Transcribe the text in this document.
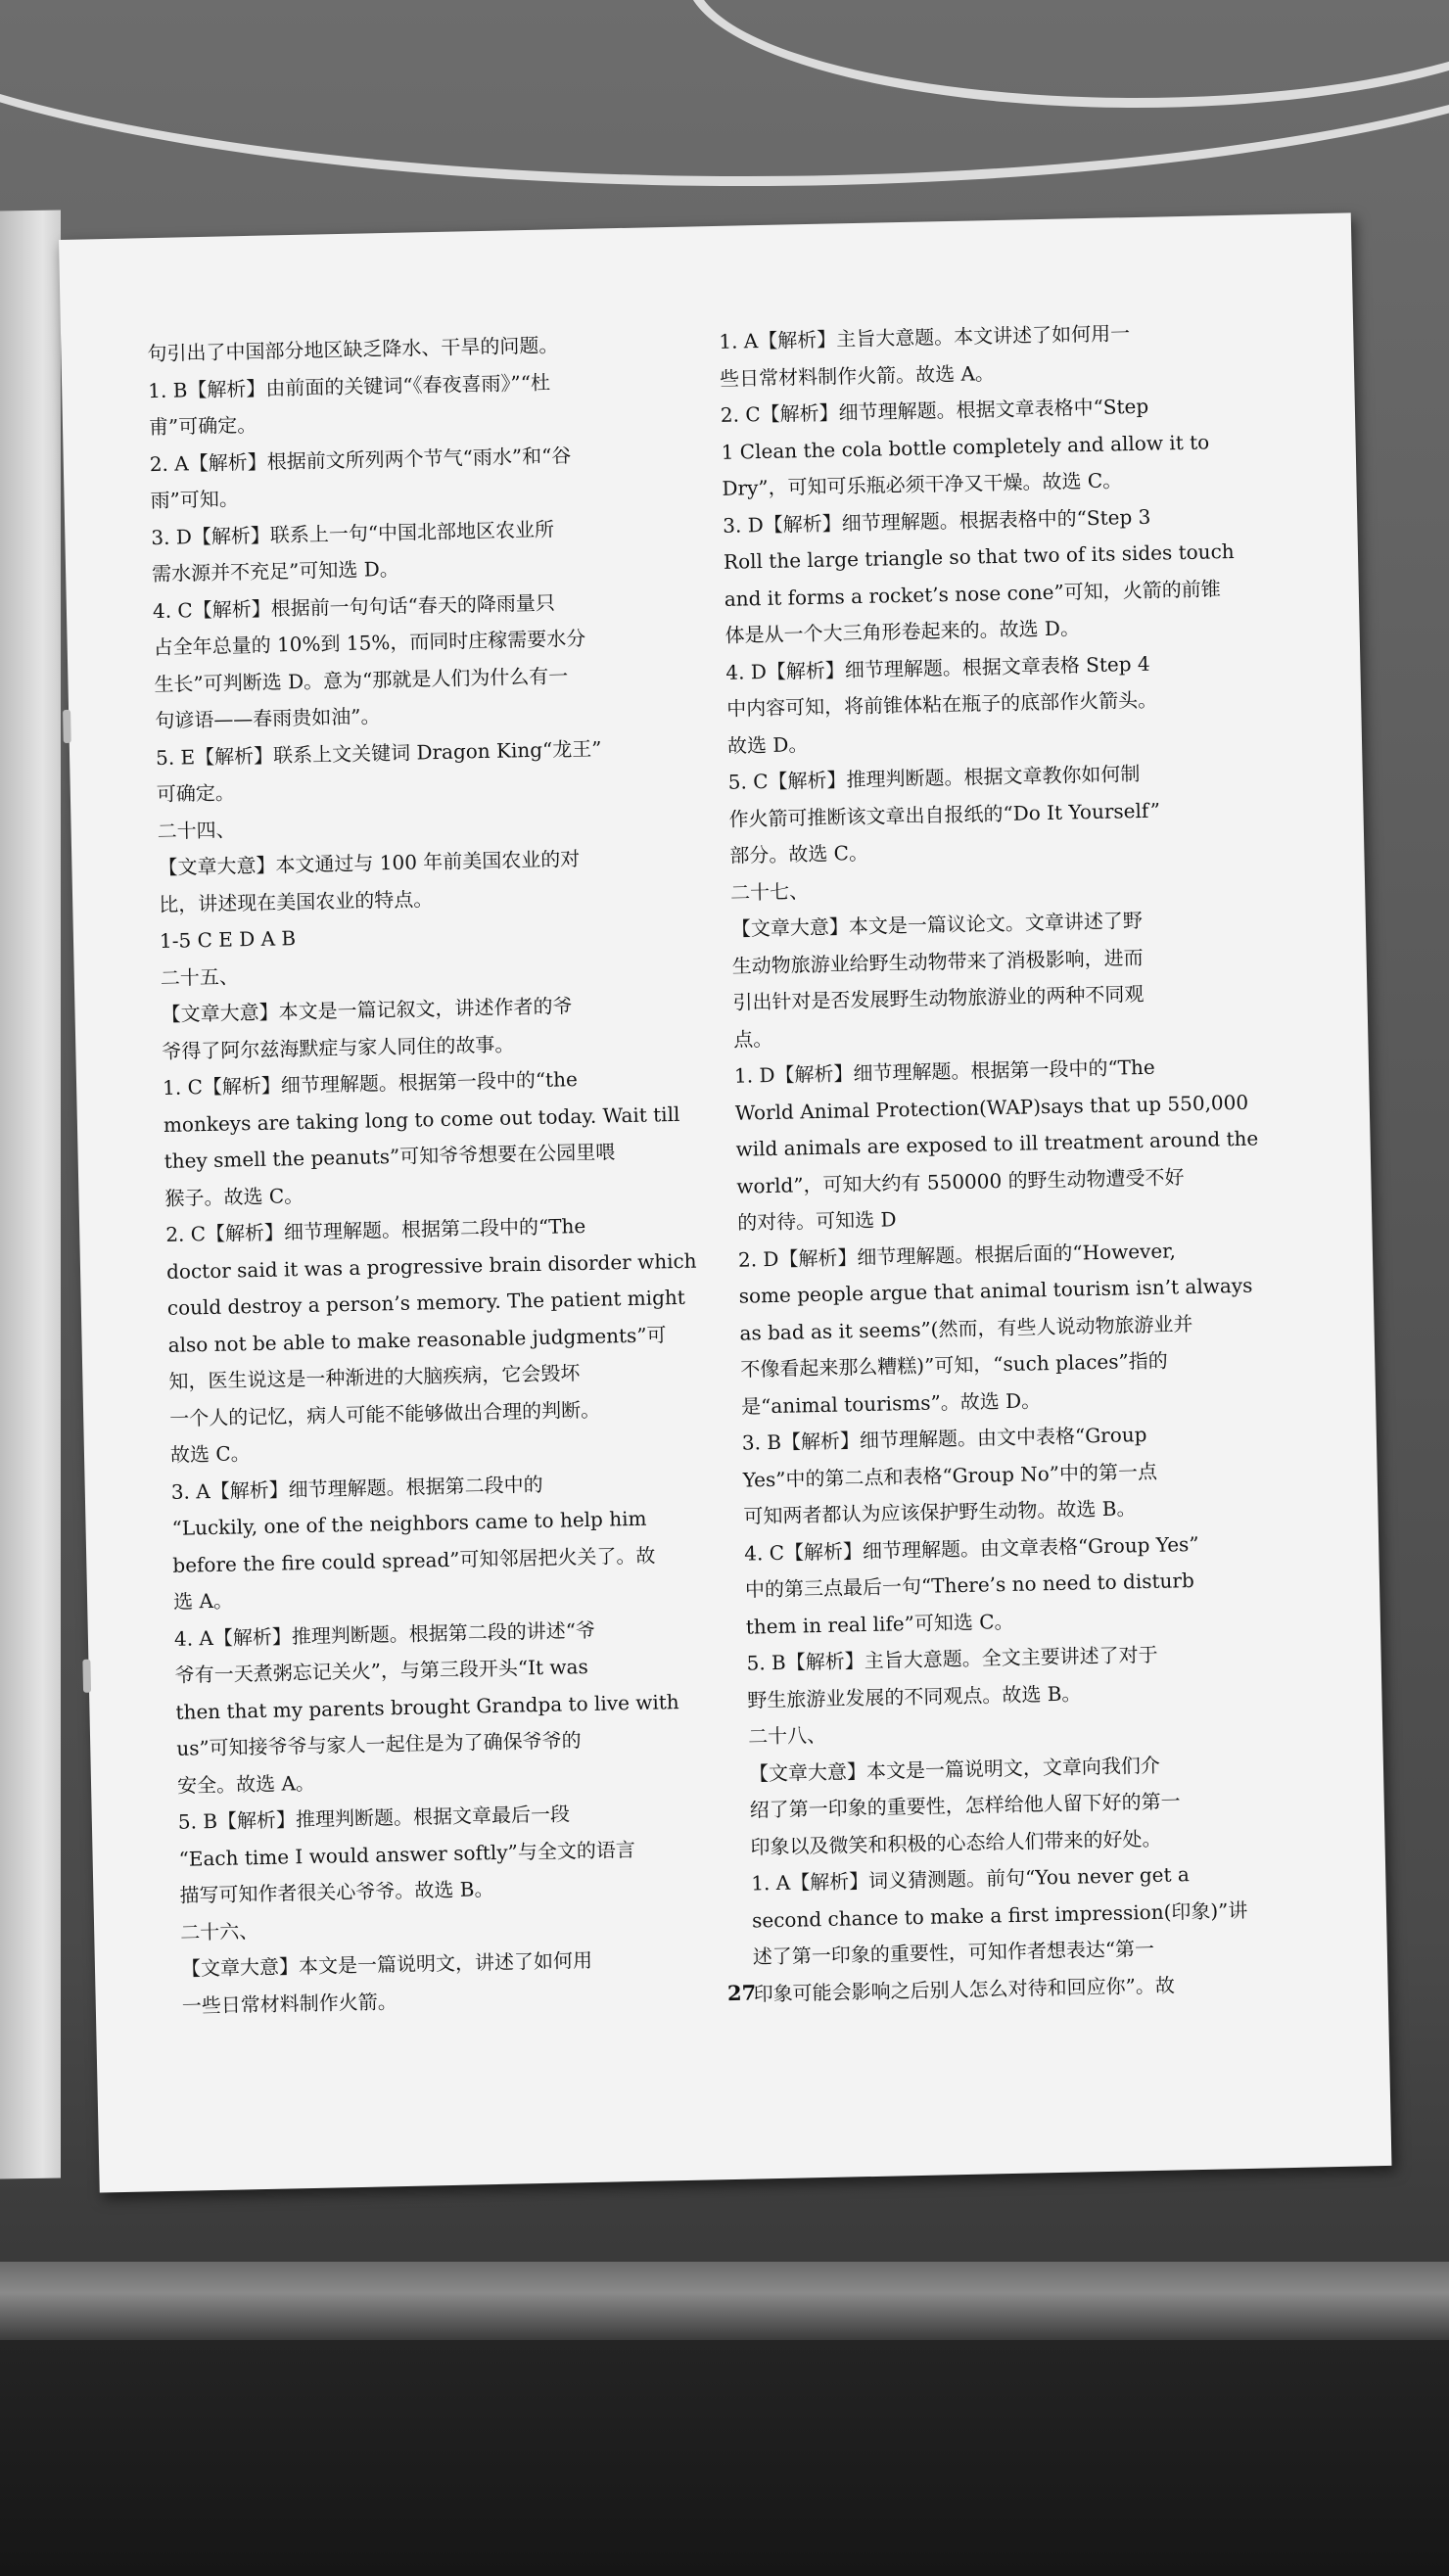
句引出了中国部分地区缺乏降水、干旱的问题。
1. B【解析】由前面的关键词“《春夜喜雨》”“杜
甫”可确定。
2. A【解析】根据前文所列两个节气“雨水”和“谷
雨”可知。
3. D【解析】联系上一句“中国北部地区农业所
需水源并不充足”可知选 D。
4. C【解析】根据前一句句话“春天的降雨量只
占全年总量的 10%到 15%，而同时庄稼需要水分
生长”可判断选 D。意为“那就是人们为什么有一
句谚语——春雨贵如油”。
5. E【解析】联系上文关键词 Dragon King“龙王”
可确定。
二十四、
【文章大意】本文通过与 100 年前美国农业的对
比，讲述现在美国农业的特点。
1-5 C E D A B
二十五、
【文章大意】本文是一篇记叙文，讲述作者的爷
爷得了阿尔兹海默症与家人同住的故事。
1. C【解析】细节理解题。根据第一段中的“the
monkeys are taking long to come out today. Wait till
they smell the peanuts”可知爷爷想要在公园里喂
猴子。故选 C。
2. C【解析】细节理解题。根据第二段中的“The
doctor said it was a progressive brain disorder which
could destroy a person’s memory. The patient might
also not be able to make reasonable judgments”可
知，医生说这是一种渐进的大脑疾病，它会毁坏
一个人的记忆，病人可能不能够做出合理的判断。
故选 C。
3. A【解析】细节理解题。根据第二段中的
“Luckily, one of the neighbors came to help him
before the fire could spread”可知邻居把火关了。故
选 A。
4. A【解析】推理判断题。根据第二段的讲述“爷
爷有一天煮粥忘记关火”，与第三段开头“It was
then that my parents brought Grandpa to live with
us”可知接爷爷与家人一起住是为了确保爷爷的
安全。故选 A。
5. B【解析】推理判断题。根据文章最后一段
“Each time I would answer softly”与全文的语言
描写可知作者很关心爷爷。故选 B。
二十六、
【文章大意】本文是一篇说明文，讲述了如何用
一些日常材料制作火箭。
1. A【解析】主旨大意题。本文讲述了如何用一
些日常材料制作火箭。故选 A。
2. C【解析】细节理解题。根据文章表格中“Step
1 Clean the cola bottle completely and allow it to
Dry”，可知可乐瓶必须干净又干燥。故选 C。
3. D【解析】细节理解题。根据表格中的“Step 3
Roll the large triangle so that two of its sides touch
and it forms a rocket’s nose cone”可知，火箭的前锥
体是从一个大三角形卷起来的。故选 D。
4. D【解析】细节理解题。根据文章表格 Step 4
中内容可知，将前锥体粘在瓶子的底部作火箭头。
故选 D。
5. C【解析】推理判断题。根据文章教你如何制
作火箭可推断该文章出自报纸的“Do It Yourself”
部分。故选 C。
二十七、
【文章大意】本文是一篇议论文。文章讲述了野
生动物旅游业给野生动物带来了消极影响，进而
引出针对是否发展野生动物旅游业的两种不同观
点。
1. D【解析】细节理解题。根据第一段中的“The
World Animal Protection(WAP)says that up 550,000
wild animals are exposed to ill treatment around the
world”，可知大约有 550000 的野生动物遭受不好
的对待。可知选 D
2. D【解析】细节理解题。根据后面的“However,
some people argue that animal tourism isn’t always
as bad as it seems”(然而，有些人说动物旅游业并
不像看起来那么糟糕)”可知，“such places”指的
是“animal tourisms”。故选 D。
3. B【解析】细节理解题。由文中表格“Group
Yes”中的第二点和表格“Group No”中的第一点
可知两者都认为应该保护野生动物。故选 B。
4. C【解析】细节理解题。由文章表格“Group Yes”
中的第三点最后一句“There’s no need to disturb
them in real life”可知选 C。
5. B【解析】主旨大意题。全文主要讲述了对于
野生旅游业发展的不同观点。故选 B。
二十八、
【文章大意】本文是一篇说明文，文章向我们介
绍了第一印象的重要性，怎样给他人留下好的第一
印象以及微笑和积极的心态给人们带来的好处。
1. A【解析】词义猜测题。前句“You never get a
second chance to make a first impression(印象)”讲
述了第一印象的重要性，可知作者想表达“第一
印象可能会影响之后别人怎么对待和回应你”。故
27
